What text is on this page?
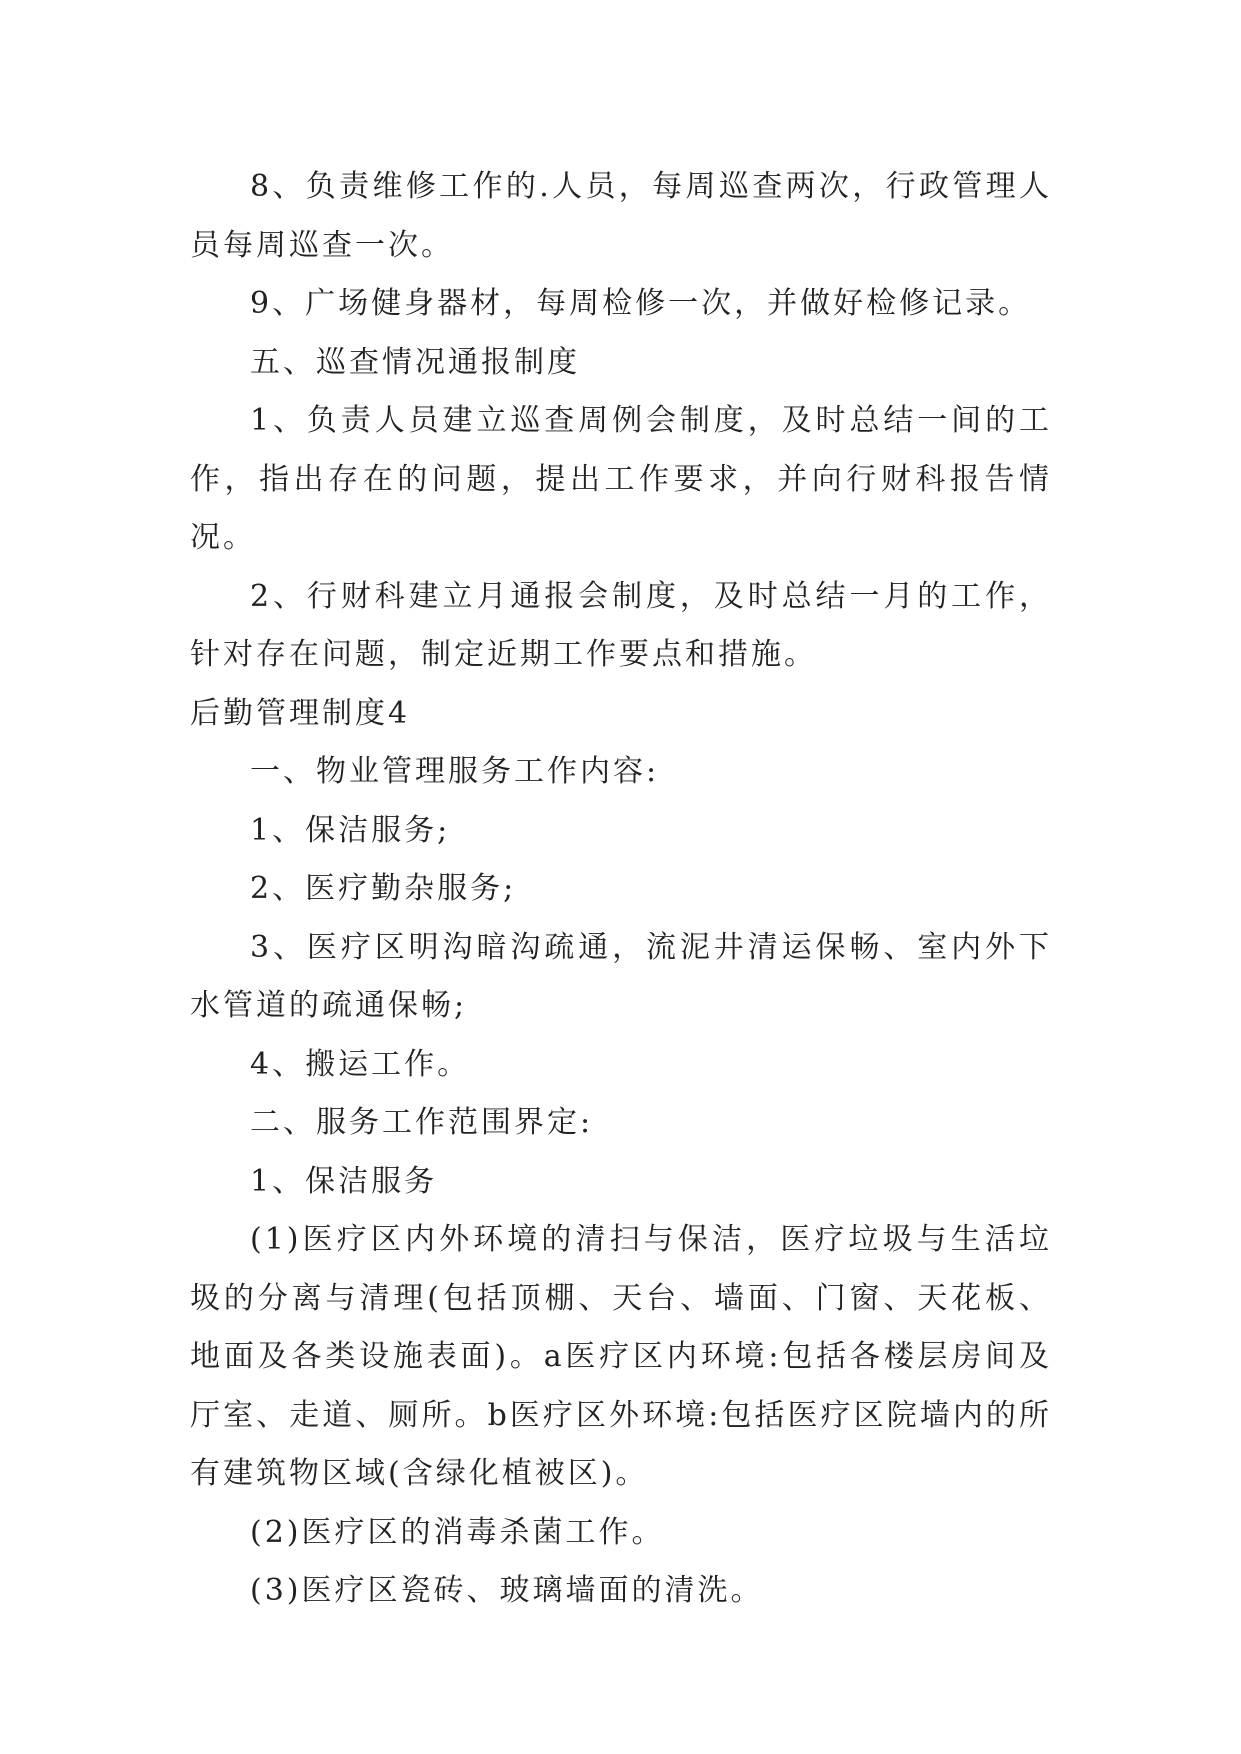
8、负责维修工作的.人员，每周巡查两次，行政管理人员每周巡查一次。

9、广场健身器材，每周检修一次，并做好检修记录。

五、巡查情况通报制度

1、负责人员建立巡查周例会制度，及时总结一间的工作，指出存在的问题，提出工作要求，并向行财科报告情况。

2、行财科建立月通报会制度，及时总结一月的工作，针对存在问题，制定近期工作要点和措施。

后勤管理制度4

一、物业管理服务工作内容:

1、保洁服务;

2、医疗勤杂服务;

3、医疗区明沟暗沟疏通，流泥井清运保畅、室内外下水管道的疏通保畅;

4、搬运工作。

二、服务工作范围界定:

1、保洁服务

(1)医疗区内外环境的清扫与保洁，医疗垃圾与生活垃圾的分离与清理(包括顶棚、天台、墙面、门窗、天花板、地面及各类设施表面)。a医疗区内环境:包括各楼层房间及厅室、走道、厕所。b医疗区外环境:包括医疗区院墙内的所有建筑物区域(含绿化植被区)。

(2)医疗区的消毒杀菌工作。

(3)医疗区瓷砖、玻璃墙面的清洗。
